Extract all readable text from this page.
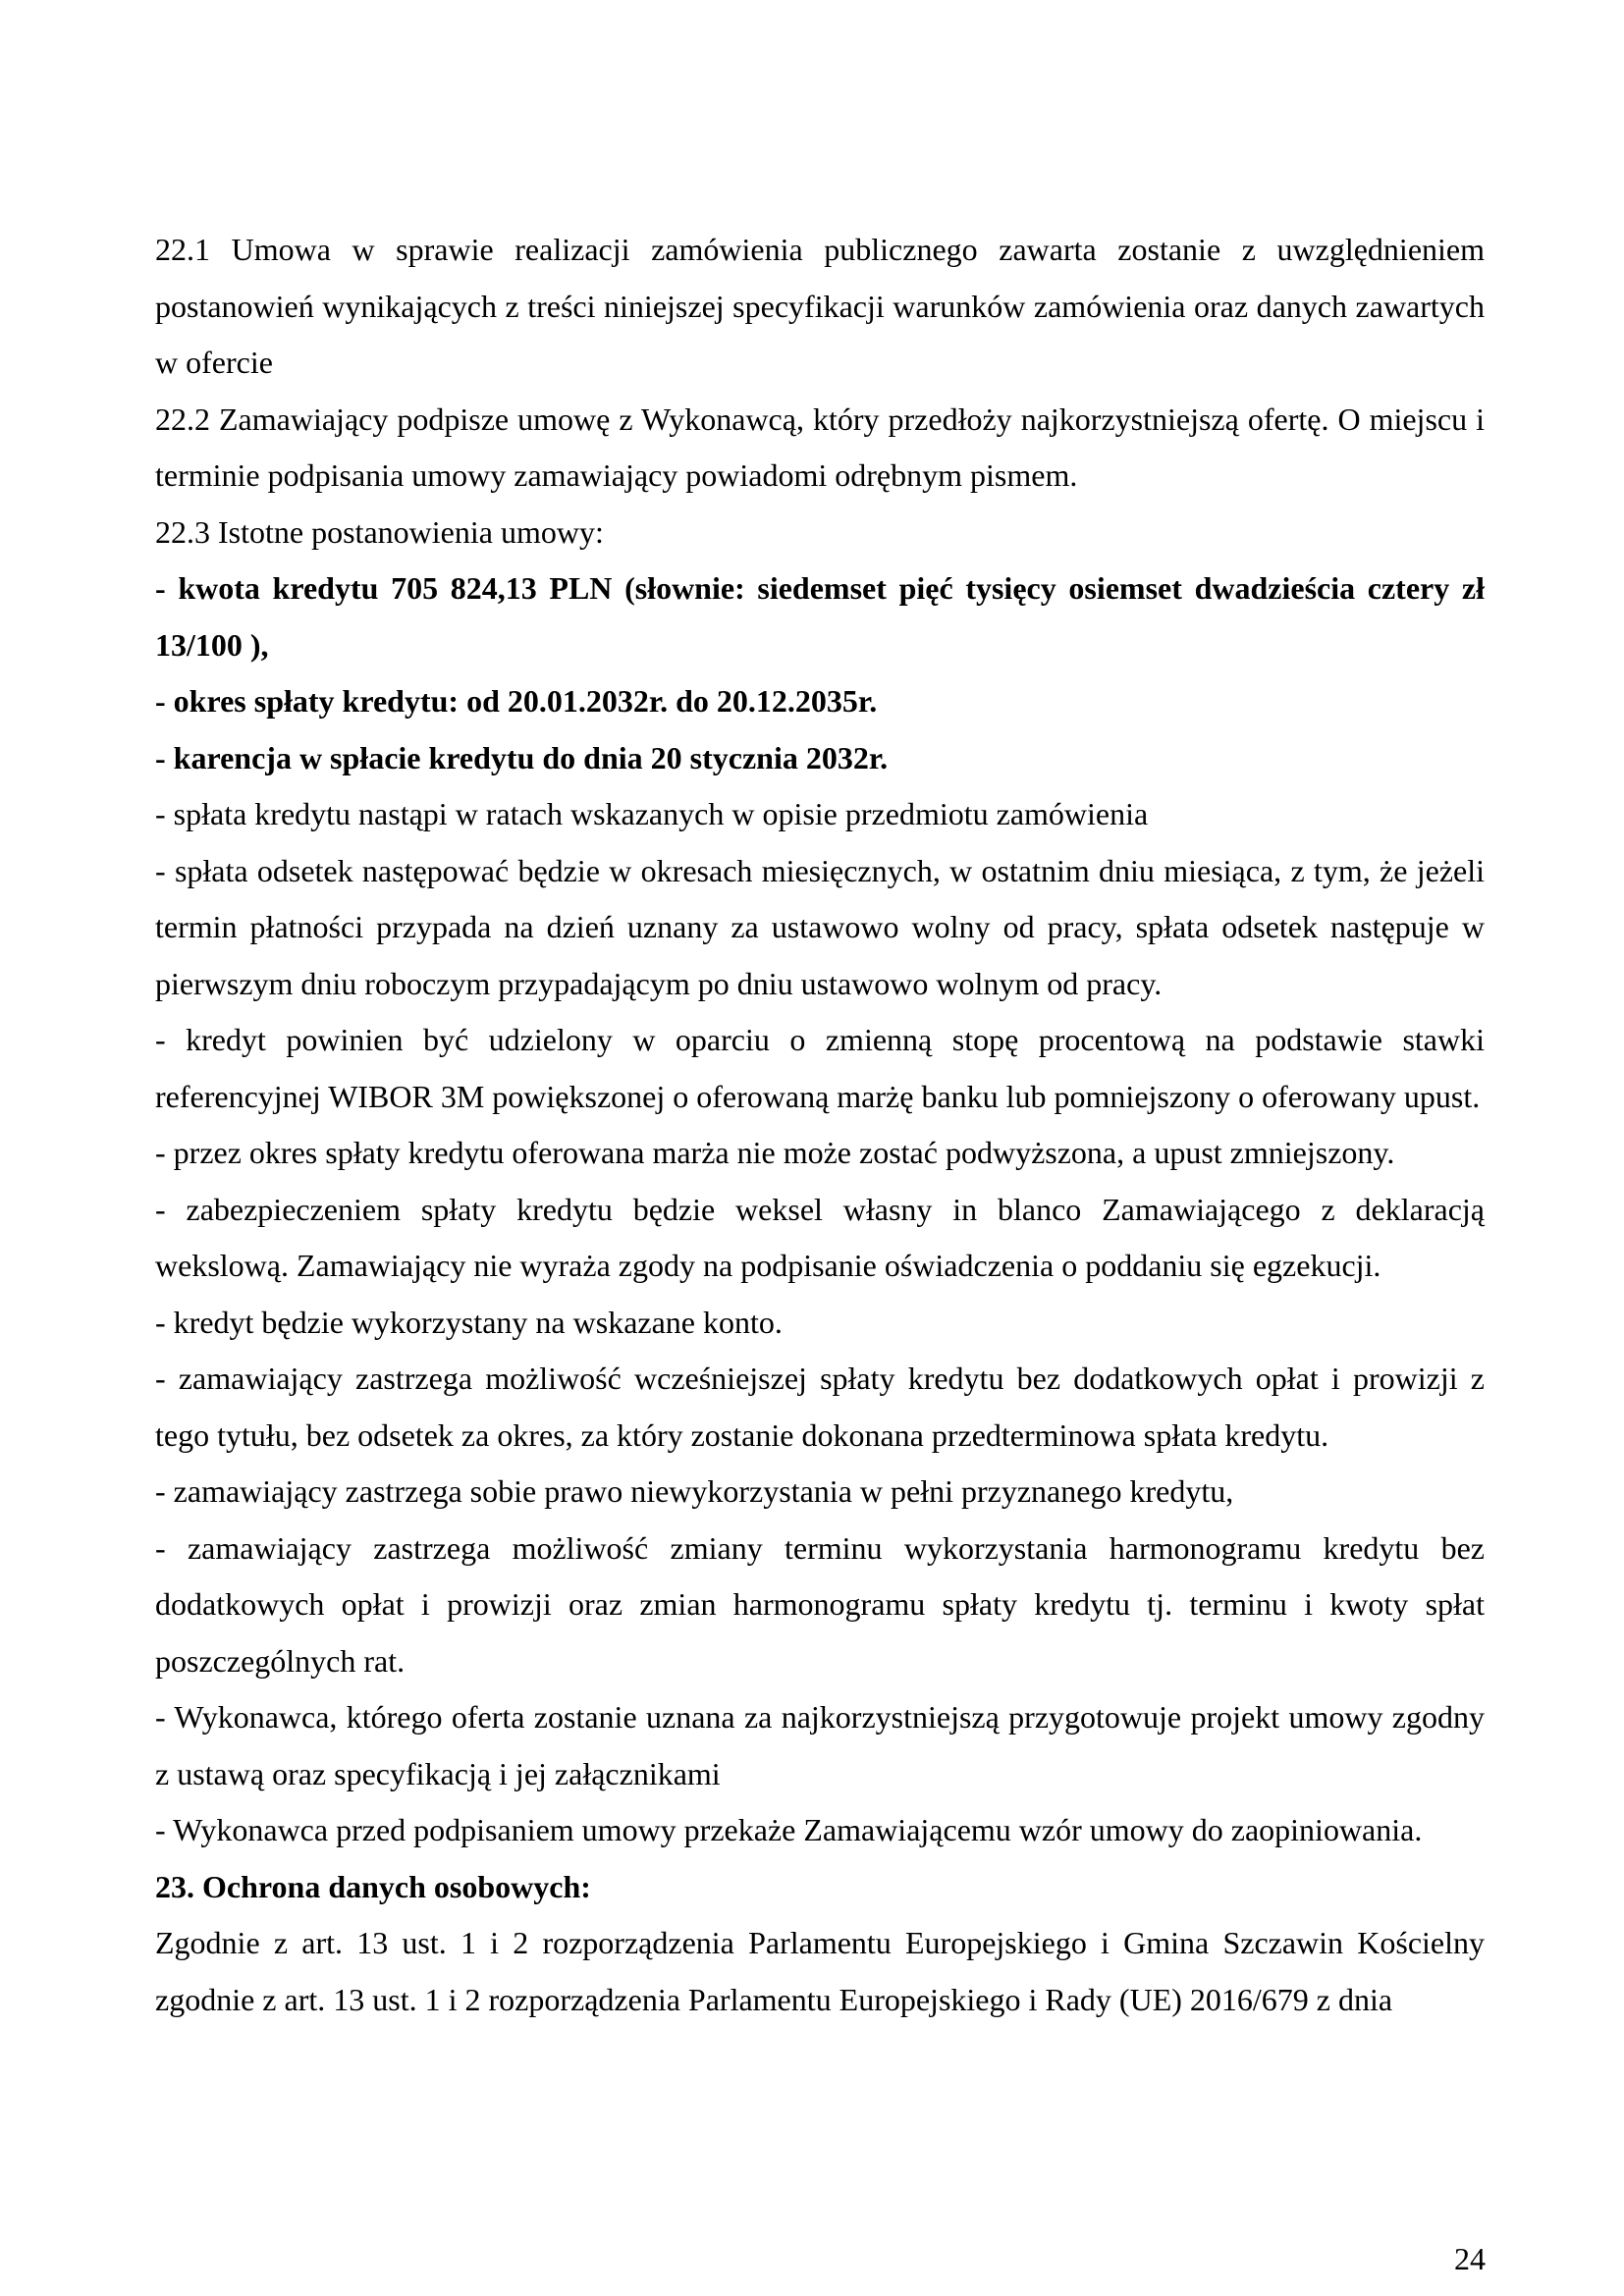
22.1 Umowa w sprawie realizacji zamówienia publicznego zawarta zostanie z uwzględnieniem postanowień wynikających z treści niniejszej specyfikacji warunków zamówienia oraz danych zawartych w ofercie

22.2 Zamawiający podpisze umowę z Wykonawcą, który przedłoży najkorzystniejszą ofertę. O miejscu i terminie podpisania umowy zamawiający powiadomi odrębnym pismem.

22.3 Istotne postanowienia umowy:

- kwota kredytu 705 824,13 PLN (słownie: siedemset pięć tysięcy osiemset dwadzieścia cztery zł 13/100 ),

- okres spłaty kredytu: od 20.01.2032r. do 20.12.2035r.

- karencja w spłacie kredytu do dnia 20 stycznia 2032r.

- spłata kredytu nastąpi w ratach wskazanych w opisie przedmiotu zamówienia

- spłata odsetek następować będzie w okresach miesięcznych, w ostatnim dniu miesiąca, z tym, że jeżeli termin płatności przypada na dzień uznany za ustawowo wolny od pracy, spłata odsetek następuje w pierwszym dniu roboczym przypadającym po dniu ustawowo wolnym od pracy.

- kredyt powinien być udzielony w oparciu o zmienną stopę procentową na podstawie stawki referencyjnej WIBOR 3M powiększonej o oferowaną marżę banku lub pomniejszony o oferowany upust.

- przez okres spłaty kredytu oferowana marża nie może zostać podwyższona, a upust zmniejszony.

- zabezpieczeniem spłaty kredytu będzie weksel własny in blanco Zamawiającego z deklaracją wekslową. Zamawiający nie wyraża zgody na podpisanie oświadczenia o poddaniu się egzekucji.

- kredyt będzie wykorzystany na wskazane konto.

- zamawiający zastrzega możliwość wcześniejszej spłaty kredytu bez dodatkowych opłat i prowizji z tego tytułu, bez odsetek za okres, za który zostanie dokonana przedterminowa spłata kredytu.

- zamawiający zastrzega sobie prawo niewykorzystania w pełni przyznanego kredytu,

- zamawiający zastrzega możliwość zmiany terminu wykorzystania harmonogramu kredytu bez dodatkowych opłat i prowizji oraz zmian harmonogramu spłaty kredytu tj. terminu i kwoty spłat poszczególnych rat.

- Wykonawca, którego oferta zostanie uznana za najkorzystniejszą przygotowuje projekt umowy zgodny z ustawą oraz specyfikacją i jej załącznikami

- Wykonawca przed podpisaniem umowy przekaże Zamawiającemu wzór umowy do zaopiniowania.

23. Ochrona danych osobowych:

Zgodnie z art. 13 ust. 1 i 2 rozporządzenia Parlamentu Europejskiego i Gmina Szczawin Kościelny zgodnie z art. 13 ust. 1 i 2 rozporządzenia Parlamentu Europejskiego i Rady (UE) 2016/679 z dnia

24
